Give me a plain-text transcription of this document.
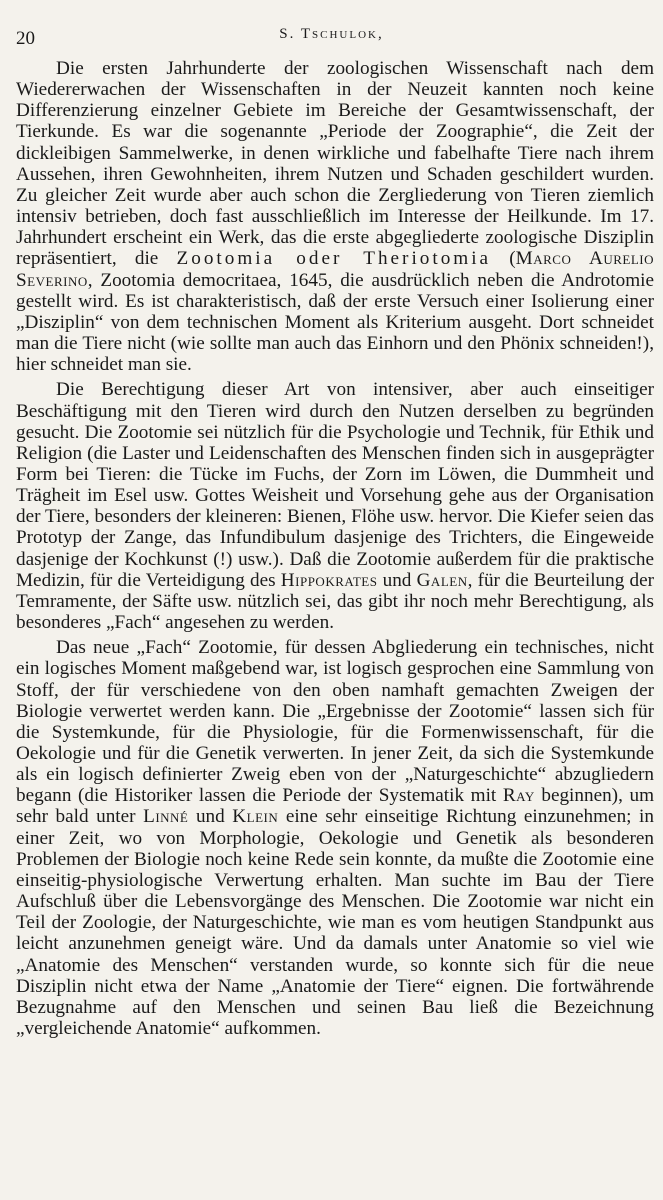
20	S. Tschulok,

Die ersten Jahrhunderte der zoologischen Wissenschaft nach dem Wiedererwachen der Wissenschaften in der Neuzeit kannten noch keine Differenzierung einzelner Gebiete im Bereiche der Gesamtwissenschaft, der Tierkunde. Es war die sogenannte „Periode der Zoographie“, die Zeit der dickleibigen Sammelwerke, in denen wirkliche und fabelhafte Tiere nach ihrem Aussehen, ihren Gewohnheiten, ihrem Nutzen und Schaden geschildert wurden. Zu gleicher Zeit wurde aber auch schon die Zergliederung von Tieren ziemlich intensiv betrieben, doch fast ausschließlich im Interesse der Heilkunde. Im 17. Jahrhundert erscheint ein Werk, das die erste abgegliederte zoologische Disziplin repräsentiert, die Zootomia oder Theriotomia (Marco Aurelio Severino, Zootomia democritaea, 1645, die ausdrücklich neben die Androtomie gestellt wird. Es ist charakteristisch, daß der erste Versuch einer Isolierung einer „Disziplin“ von dem technischen Moment als Kriterium ausgeht. Dort schneidet man die Tiere nicht (wie sollte man auch das Einhorn und den Phönix schneiden!), hier schneidet man sie.

Die Berechtigung dieser Art von intensiver, aber auch einseitiger Beschäftigung mit den Tieren wird durch den Nutzen derselben zu begründen gesucht. Die Zootomie sei nützlich für die Psychologie und Technik, für Ethik und Religion (die Laster und Leidenschaften des Menschen finden sich in ausgeprägter Form bei Tieren: die Tücke im Fuchs, der Zorn im Löwen, die Dummheit und Trägheit im Esel usw. Gottes Weisheit und Vorsehung gehe aus der Organisation der Tiere, besonders der kleineren: Bienen, Flöhe usw. hervor. Die Kiefer seien das Prototyp der Zange, das Infundibulum dasjenige des Trichters, die Eingeweide dasjenige der Kochkunst (!) usw.). Daß die Zootomie außerdem für die praktische Medizin, für die Verteidigung des Hippokrates und Galen, für die Beurteilung der Temramente, der Säfte usw. nützlich sei, das gibt ihr noch mehr Berechtigung, als besonderes „Fach“ angesehen zu werden.

Das neue „Fach“ Zootomie, für dessen Abgliederung ein technisches, nicht ein logisches Moment maßgebend war, ist logisch gesprochen eine Sammlung von Stoff, der für verschiedene von den oben namhaft gemachten Zweigen der Biologie verwertet werden kann. Die „Ergebnisse der Zootomie“ lassen sich für die Systemkunde, für die Physiologie, für die Formenwissenschaft, für die Oekologie und für die Genetik verwerten. In jener Zeit, da sich die Systemkunde als ein logisch definierter Zweig eben von der „Naturgeschichte“ abzugliedern begann (die Historiker lassen die Periode der Systematik mit Ray beginnen), um sehr bald unter Linné und Klein eine sehr einseitige Richtung einzunehmen; in einer Zeit, wo von Morphologie, Oekologie und Genetik als besonderen Problemen der Biologie noch keine Rede sein konnte, da mußte die Zootomie eine einseitig-physiologische Verwertung erhalten. Man suchte im Bau der Tiere Aufschluß über die Lebensvorgänge des Menschen. Die Zootomie war nicht ein Teil der Zoologie, der Naturgeschichte, wie man es vom heutigen Standpunkt aus leicht anzunehmen geneigt wäre. Und da damals unter Anatomie so viel wie „Anatomie des Menschen“ verstanden wurde, so konnte sich für die neue Disziplin nicht etwa der Name „Anatomie der Tiere“ eignen. Die fortwährende Bezugnahme auf den Menschen und seinen Bau ließ die Bezeichnung „vergleichende Anatomie“ aufkommen.
